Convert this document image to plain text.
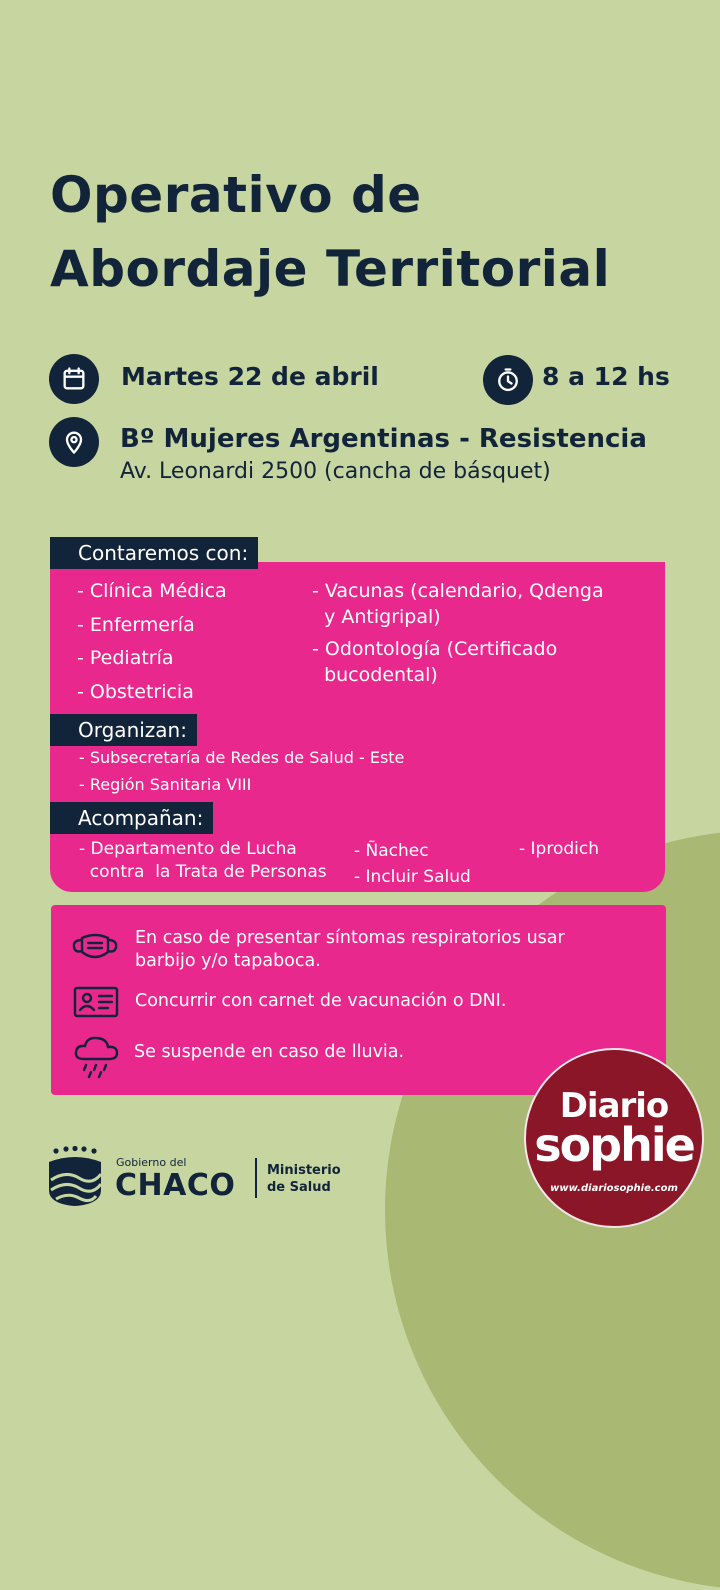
Operativo de
Abordaje Territorial
Martes 22 de abril	8 a 12 hs
Bº Mujeres Argentinas - Resistencia
Av. Leonardi 2500 (cancha de básquet)
Contaremos con:
- Clínica Médica
- Enfermería
- Pediatría
- Obstetricia
- Vacunas (calendario, Qdenga
y Antigripal)
- Odontología (Certificado
bucodental)
Organizan:
- Subsecretaría de Redes de Salud - Este
- Región Sanitaria VIII
Acompañan:
- Departamento de Lucha
contra  la Trata de Personas
- Ñachec
- Incluir Salud
- Iprodich
En caso de presentar síntomas respiratorios usar
barbijo y/o tapaboca.
Concurrir con carnet de vacunación o DNI.
Se suspende en caso de lluvia.
Gobierno del
CHACO Ministerio
de Salud
Diario
sophie
www.diariosophie.com
